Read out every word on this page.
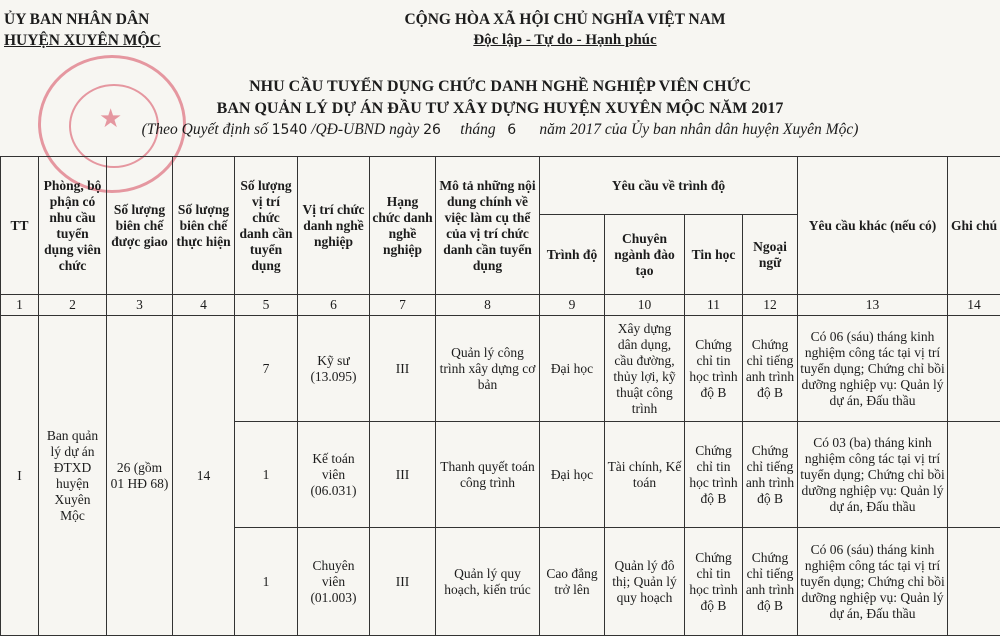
ỦY BAN NHÂN DÂN
HUYỆN XUYÊN MỘC
CỘNG HÒA XÃ HỘI CHỦ NGHĨA VIỆT NAM
Độc lập - Tự do - Hạnh phúc
★
NHU CẦU TUYỂN DỤNG CHỨC DANH NGHỀ NGHIỆP VIÊN CHỨC
BAN QUẢN LÝ DỰ ÁN ĐẦU TƯ XÂY DỰNG HUYỆN XUYÊN MỘC NĂM 2017
(Theo Quyết định số 1540 /QĐ-UBND ngày 26 tháng 6 năm 2017 của Ủy ban nhân dân huyện Xuyên Mộc)
TT	Phòng, bộ phận có nhu cầu tuyển dụng viên chức	Số lượng biên chế được giao	Số lượng biên chế thực hiện	Số lượng vị trí chức danh cần tuyển dụng	Vị trí chức danh nghề nghiệp	Hạng chức danh nghề nghiệp	Mô tả những nội dung chính về việc làm cụ thể của vị trí chức danh cần tuyển dụng	Yêu cầu về trình độ				Yêu cầu khác (nếu có)	Ghi chú
								Trình độ	Chuyên ngành đào tạo	Tin học	Ngoại ngữ		
1	2	3	4	5	6	7	8	9	10	11	12	13	14
I	Ban quản lý dự án ĐTXD huyện Xuyên Mộc	26 (gồm 01 HĐ 68)	14	7	Kỹ sư (13.095)	III	Quản lý công trình xây dựng cơ bản	Đại học	Xây dựng dân dụng, cầu đường, thủy lợi, kỹ thuật công trình	Chứng chỉ tin học trình độ B	Chứng chỉ tiếng anh trình độ B	Có 06 (sáu) tháng kinh nghiệm công tác tại vị trí tuyển dụng; Chứng chỉ bồi dưỡng nghiệp vụ: Quản lý dự án, Đấu thầu	
				1	Kế toán viên (06.031)	III	Thanh quyết toán công trình	Đại học	Tài chính, Kế toán	Chứng chỉ tin học trình độ B	Chứng chỉ tiếng anh trình độ B	Có 03 (ba) tháng kinh nghiệm công tác tại vị trí tuyển dụng; Chứng chỉ bồi dưỡng nghiệp vụ: Quản lý dự án, Đấu thầu	
				1	Chuyên viên (01.003)	III	Quản lý quy hoạch, kiến trúc	Cao đẳng trở lên	Quản lý đô thị; Quản lý quy hoạch	Chứng chỉ tin học trình độ B	Chứng chỉ tiếng anh trình độ B	Có 06 (sáu) tháng kinh nghiệm công tác tại vị trí tuyển dụng; Chứng chỉ bồi dưỡng nghiệp vụ: Quản lý dự án, Đấu thầu	
